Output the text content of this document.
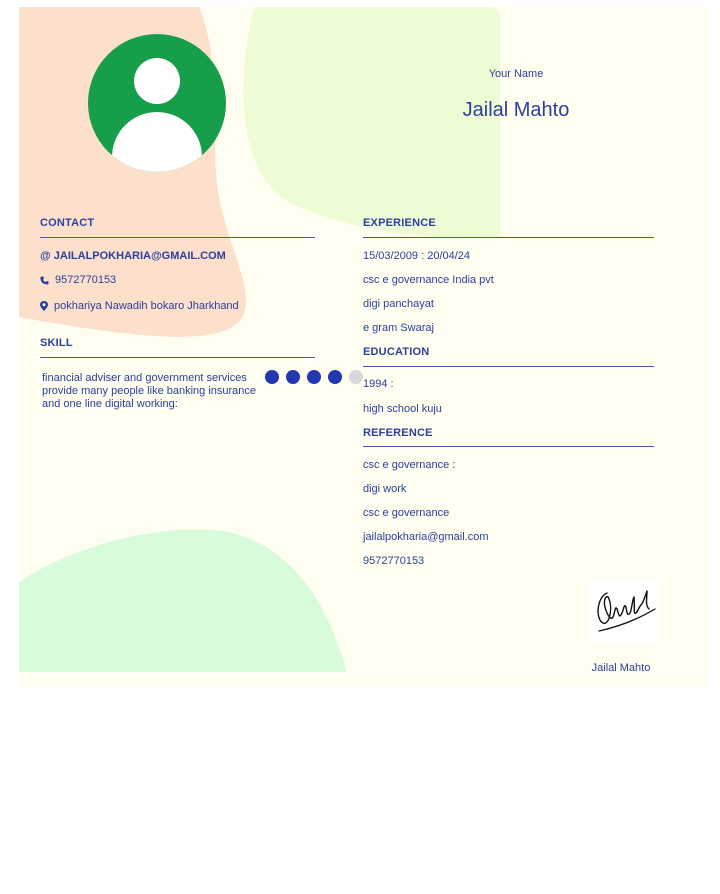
Your Name
Jailal Mahto
CONTACT
@ JAILALPOKHARIA@GMAIL.COM
9572770153
pokhariya Nawadih bokaro Jharkhand
SKILL
financial adviser and government services provide many people like banking insurance and one line digital working:
EXPERIENCE
15/03/2009 : 20/04/24
csc e governance India pvt
digi panchayat
e gram Swaraj
EDUCATION
1994 :
high school kuju
REFERENCE
csc e governance :
digi work
csc e governance
jailalpokharia@gmail.com
9572770153
Jailal Mahto
